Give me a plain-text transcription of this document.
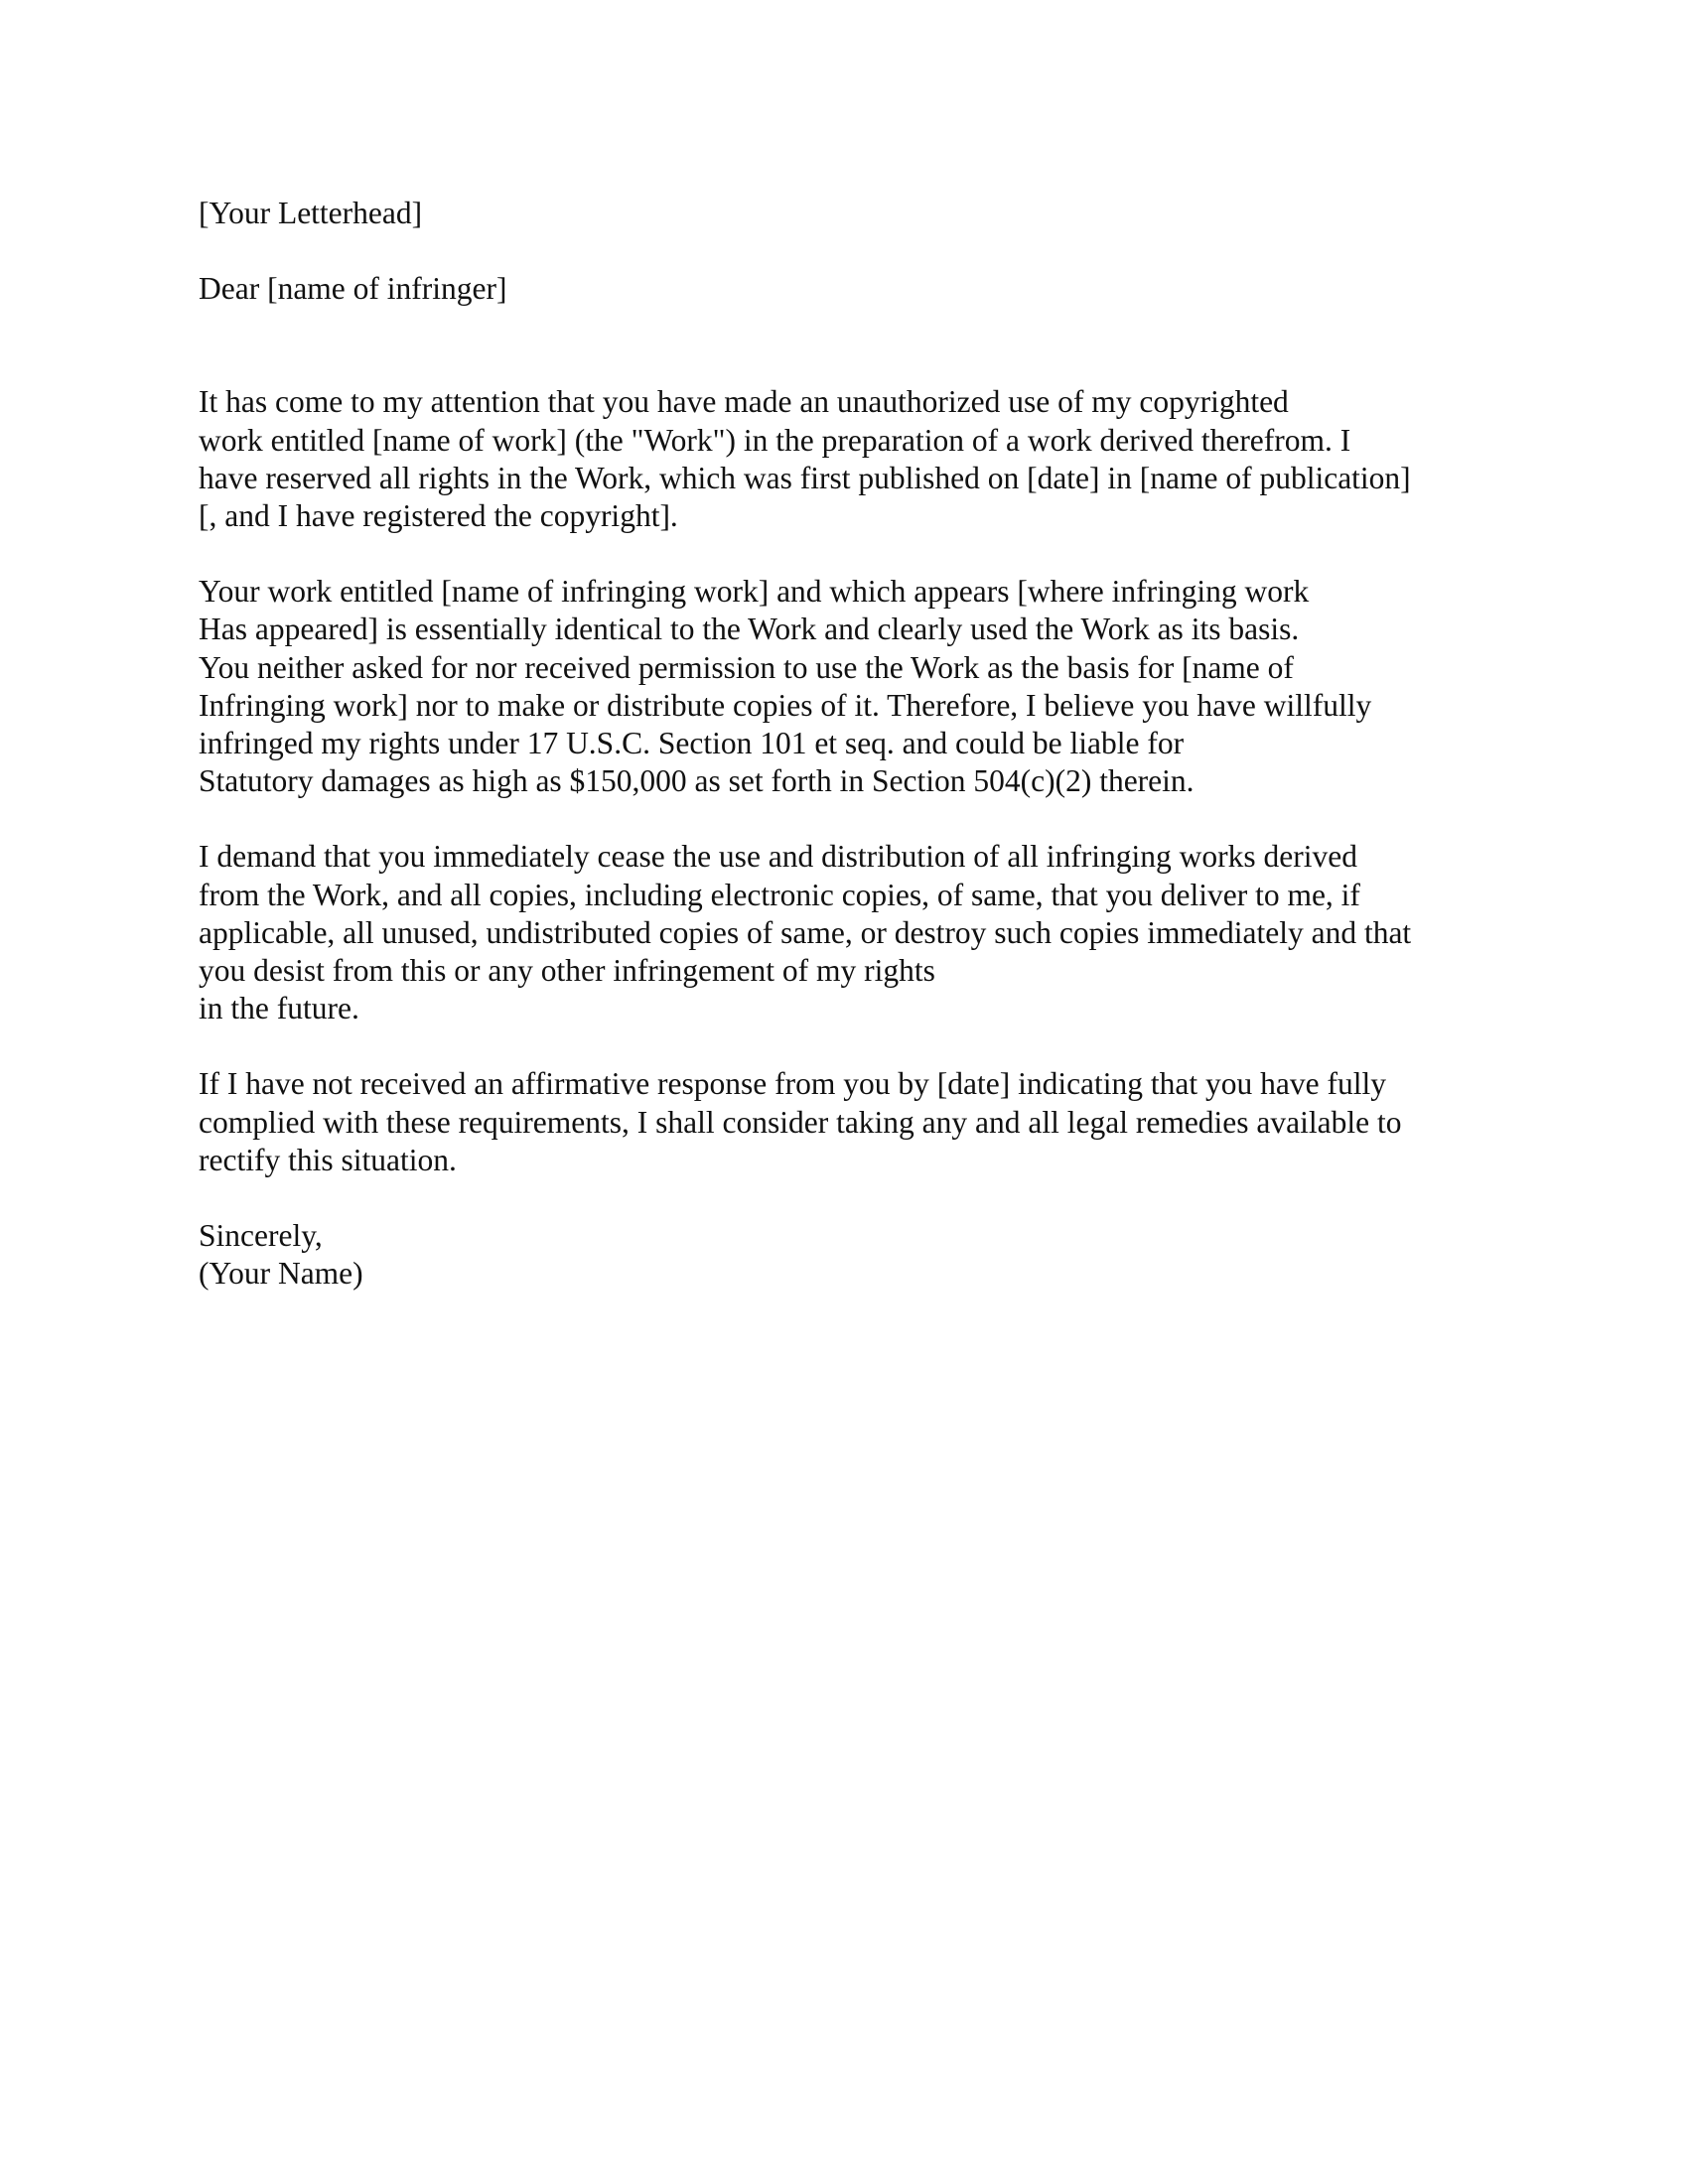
[Your Letterhead]
Dear [name of infringer]
It has come to my attention that you have made an unauthorized use of my copyrighted
work entitled [name of work] (the "Work") in the preparation of a work derived therefrom. I
have reserved all rights in the Work, which was first published on [date] in [name of publication]
[, and I have registered the copyright].
Your work entitled [name of infringing work] and which appears [where infringing work
Has appeared] is essentially identical to the Work and clearly used the Work as its basis.
You neither asked for nor received permission to use the Work as the basis for [name of
Infringing work] nor to make or distribute copies of it. Therefore, I believe you have willfully
infringed my rights under 17 U.S.C. Section 101 et seq. and could be liable for
Statutory damages as high as $150,000 as set forth in Section 504(c)(2) therein.
I demand that you immediately cease the use and distribution of all infringing works derived
from the Work, and all copies, including electronic copies, of same, that you deliver to me, if
applicable, all unused, undistributed copies of same, or destroy such copies immediately and that
you desist from this or any other infringement of my rights
in the future.
If I have not received an affirmative response from you by [date] indicating that you have fully
complied with these requirements, I shall consider taking any and all legal remedies available to
rectify this situation.
Sincerely,
(Your Name)
